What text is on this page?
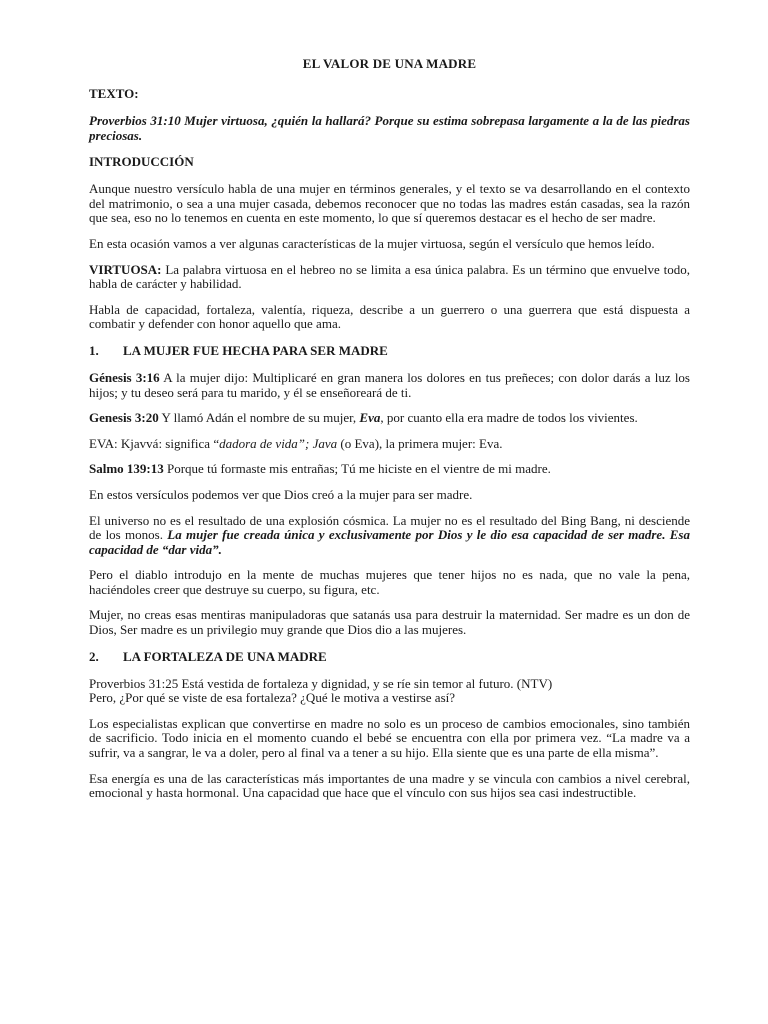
EL VALOR DE UNA MADRE
TEXTO:

Proverbios 31:10 Mujer virtuosa, ¿quién la hallará? Porque su estima sobrepasa largamente a la de las piedras preciosas.

INTRODUCCIÓN

Aunque nuestro versículo habla de una mujer en términos generales, y el texto se va desarrollando en el contexto del matrimonio, o sea a una mujer casada, debemos reconocer que no todas las madres están casadas, sea la razón que sea, eso no lo tenemos en cuenta en este momento, lo que sí queremos destacar es el hecho de ser madre.

En esta ocasión vamos a ver algunas características de la mujer virtuosa, según el versículo que hemos leído.

VIRTUOSA: La palabra virtuosa en el hebreo no se limita a esa única palabra. Es un término que envuelve todo, habla de carácter y habilidad.

Habla de capacidad, fortaleza, valentía, riqueza, describe a un guerrero o una guerrera que está dispuesta a combatir y defender con honor aquello que ama.

1. LA MUJER FUE HECHA PARA SER MADRE

Génesis 3:16 A la mujer dijo: Multiplicaré en gran manera los dolores en tus preñeces; con dolor darás a luz los hijos; y tu deseo será para tu marido, y él se enseñoreará de ti.

Genesis 3:20 Y llamó Adán el nombre de su mujer, Eva, por cuanto ella era madre de todos los vivientes.

EVA: Kjavvá: significa “dadora de vida”; Java (o Eva), la primera mujer: Eva.

Salmo 139:13 Porque tú formaste mis entrañas; Tú me hiciste en el vientre de mi madre.

En estos versículos podemos ver que Dios creó a la mujer para ser madre.

El universo no es el resultado de una explosión cósmica. La mujer no es el resultado del Bing Bang, ni desciende de los monos. La mujer fue creada única y exclusivamente por Dios y le dio esa capacidad de ser madre. Esa capacidad de “dar vida”.

Pero el diablo introdujo en la mente de muchas mujeres que tener hijos no es nada, que no vale la pena, haciéndoles creer que destruye su cuerpo, su figura, etc.

Mujer, no creas esas mentiras manipuladoras que satanás usa para destruir la maternidad. Ser madre es un don de Dios, Ser madre es un privilegio muy grande que Dios dio a las mujeres.

2. LA FORTALEZA DE UNA MADRE

Proverbios 31:25 Está vestida de fortaleza y dignidad, y se ríe sin temor al futuro. (NTV)

Pero, ¿Por qué se viste de esa fortaleza? ¿Qué le motiva a vestirse así?

Los especialistas explican que convertirse en madre no solo es un proceso de cambios emocionales, sino también de sacrificio. Todo inicia en el momento cuando el bebé se encuentra con ella por primera vez. “La madre va a sufrir, va a sangrar, le va a doler, pero al final va a tener a su hijo. Ella siente que es una parte de ella misma”.

Esa energía es una de las características más importantes de una madre y se vincula con cambios a nivel cerebral, emocional y hasta hormonal. Una capacidad que hace que el vínculo con sus hijos sea casi indestructible.
